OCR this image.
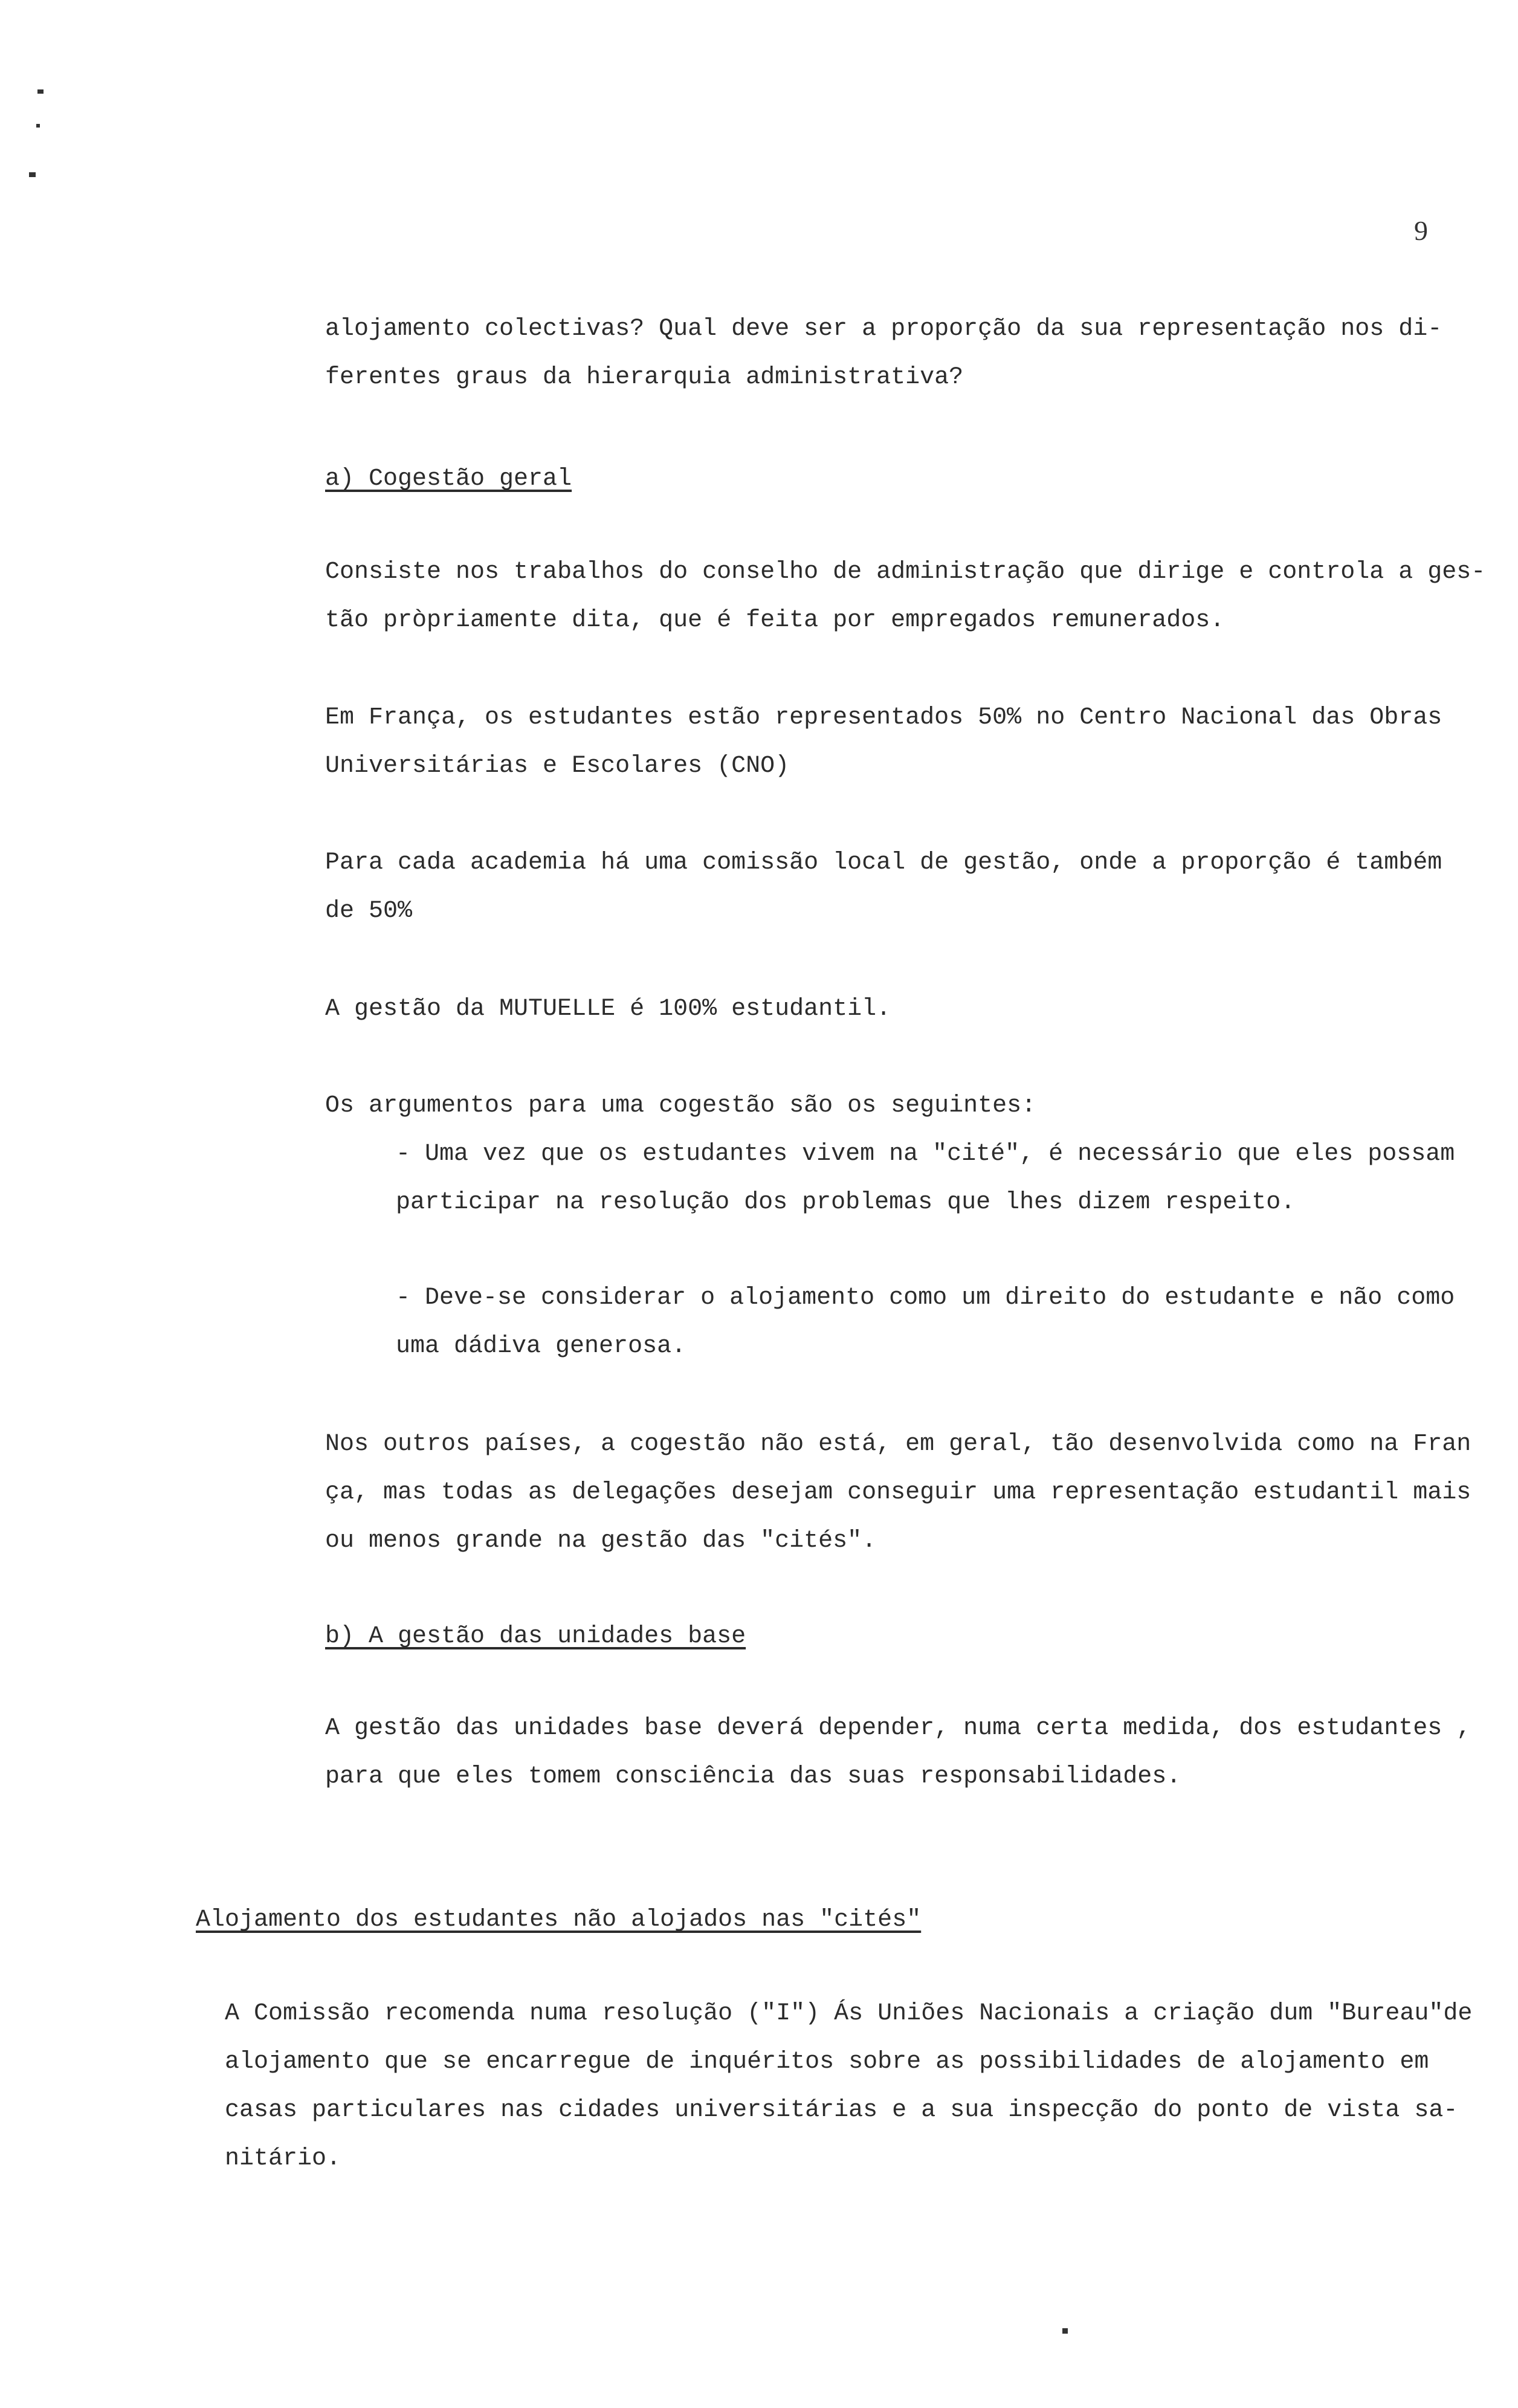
9
alojamento colectivas? Qual deve ser a proporção da sua representação nos di-
ferentes graus da hierarquia administrativa?
a) Cogestão geral
Consiste nos trabalhos do conselho de administração que dirige e controla a ges-
tão pròpriamente dita, que é feita por empregados remunerados.
Em França, os estudantes estão representados 50% no Centro Nacional das Obras
Universitárias e Escolares (CNO)
Para cada academia há uma comissão local de gestão, onde a proporção é também
de 50%
A gestão da MUTUELLE é 100% estudantil.
Os argumentos para uma cogestão são os seguintes:
- Uma vez que os estudantes vivem na "cité", é necessário que eles possam
participar na resolução dos problemas que lhes dizem respeito.
- Deve-se considerar o alojamento como um direito do estudante e não como
uma dádiva generosa.
Nos outros países, a cogestão não está, em geral, tão desenvolvida como na Fran
ça, mas todas as delegações desejam conseguir uma representação estudantil mais
ou menos grande na gestão das "cités".
b) A gestão das unidades base
A gestão das unidades base deverá depender, numa certa medida, dos estudantes ,
para que eles tomem consciência das suas responsabilidades.
Alojamento dos estudantes não alojados nas "cités"
A Comissão recomenda numa resolução ("I") Ás Uniões Nacionais a criação dum "Bureau"de
alojamento que se encarregue de inquéritos sobre as possibilidades de alojamento em
casas particulares nas cidades universitárias e a sua inspecção do ponto de vista sa-
nitário.
